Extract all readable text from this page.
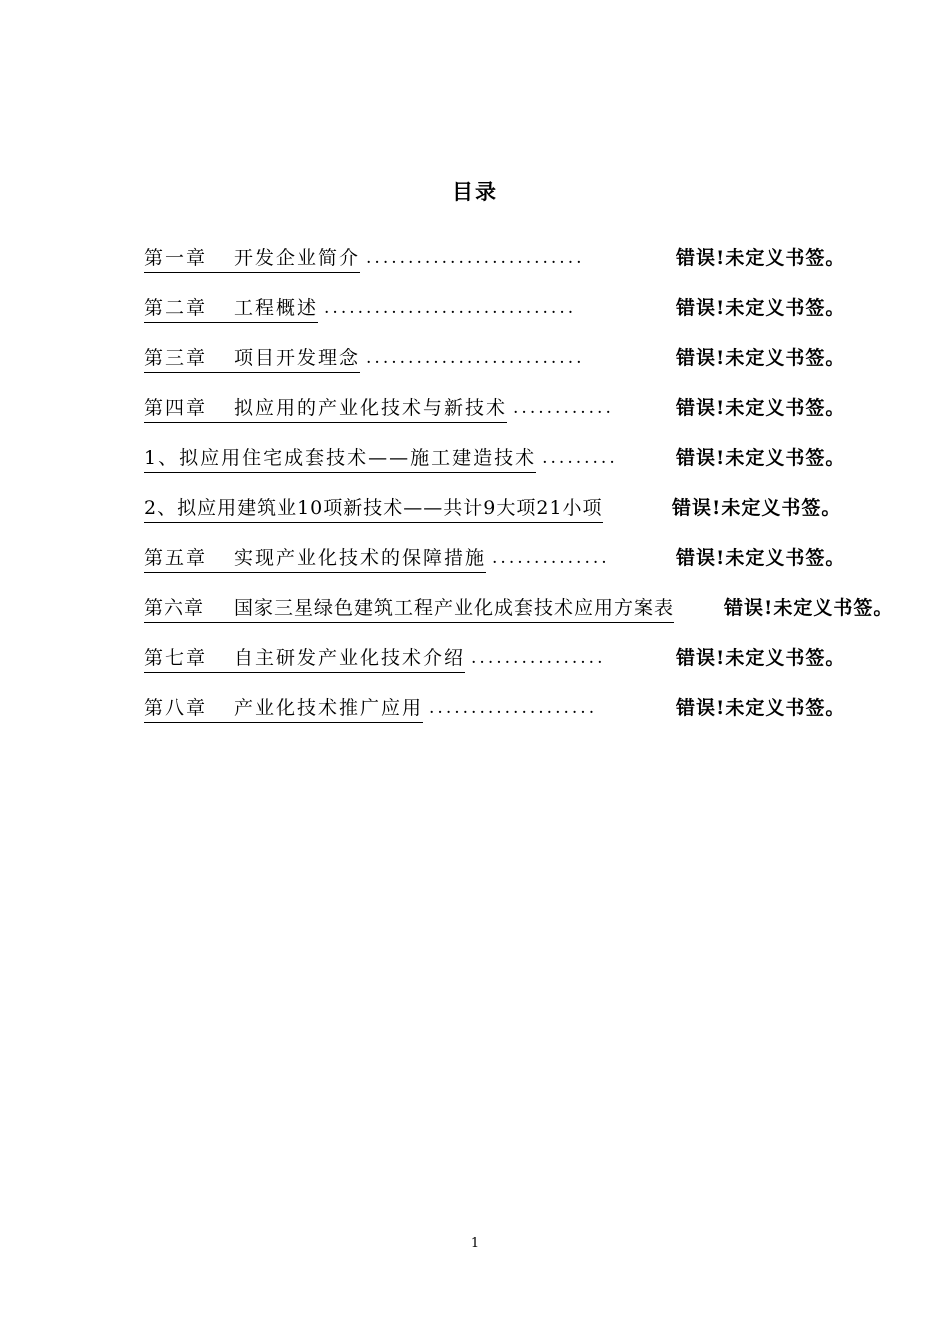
目录
第一章	开发企业简介 ..........................	错误!未定义书签。
第二章	工程概述 ..............................	错误!未定义书签。
第三章	项目开发理念 ..........................	错误!未定义书签。
第四章	拟应用的产业化技术与新技术 ............	错误!未定义书签。
1、 拟应用住宅成套技术——施工建造技术 .........	错误!未定义书签。
2、 拟应用建筑业10项新技术——共计9大项21小项	错误!未定义书签。
第五章	实现产业化技术的保障措施 ..............	错误!未定义书签。
第六章	国家三星绿色建筑工程产业化成套技术应用方案表	错误!未定义书签。
第七章	自主研发产业化技术介绍 ................	错误!未定义书签。
第八章	产业化技术推广应用 ....................	错误!未定义书签。
1
